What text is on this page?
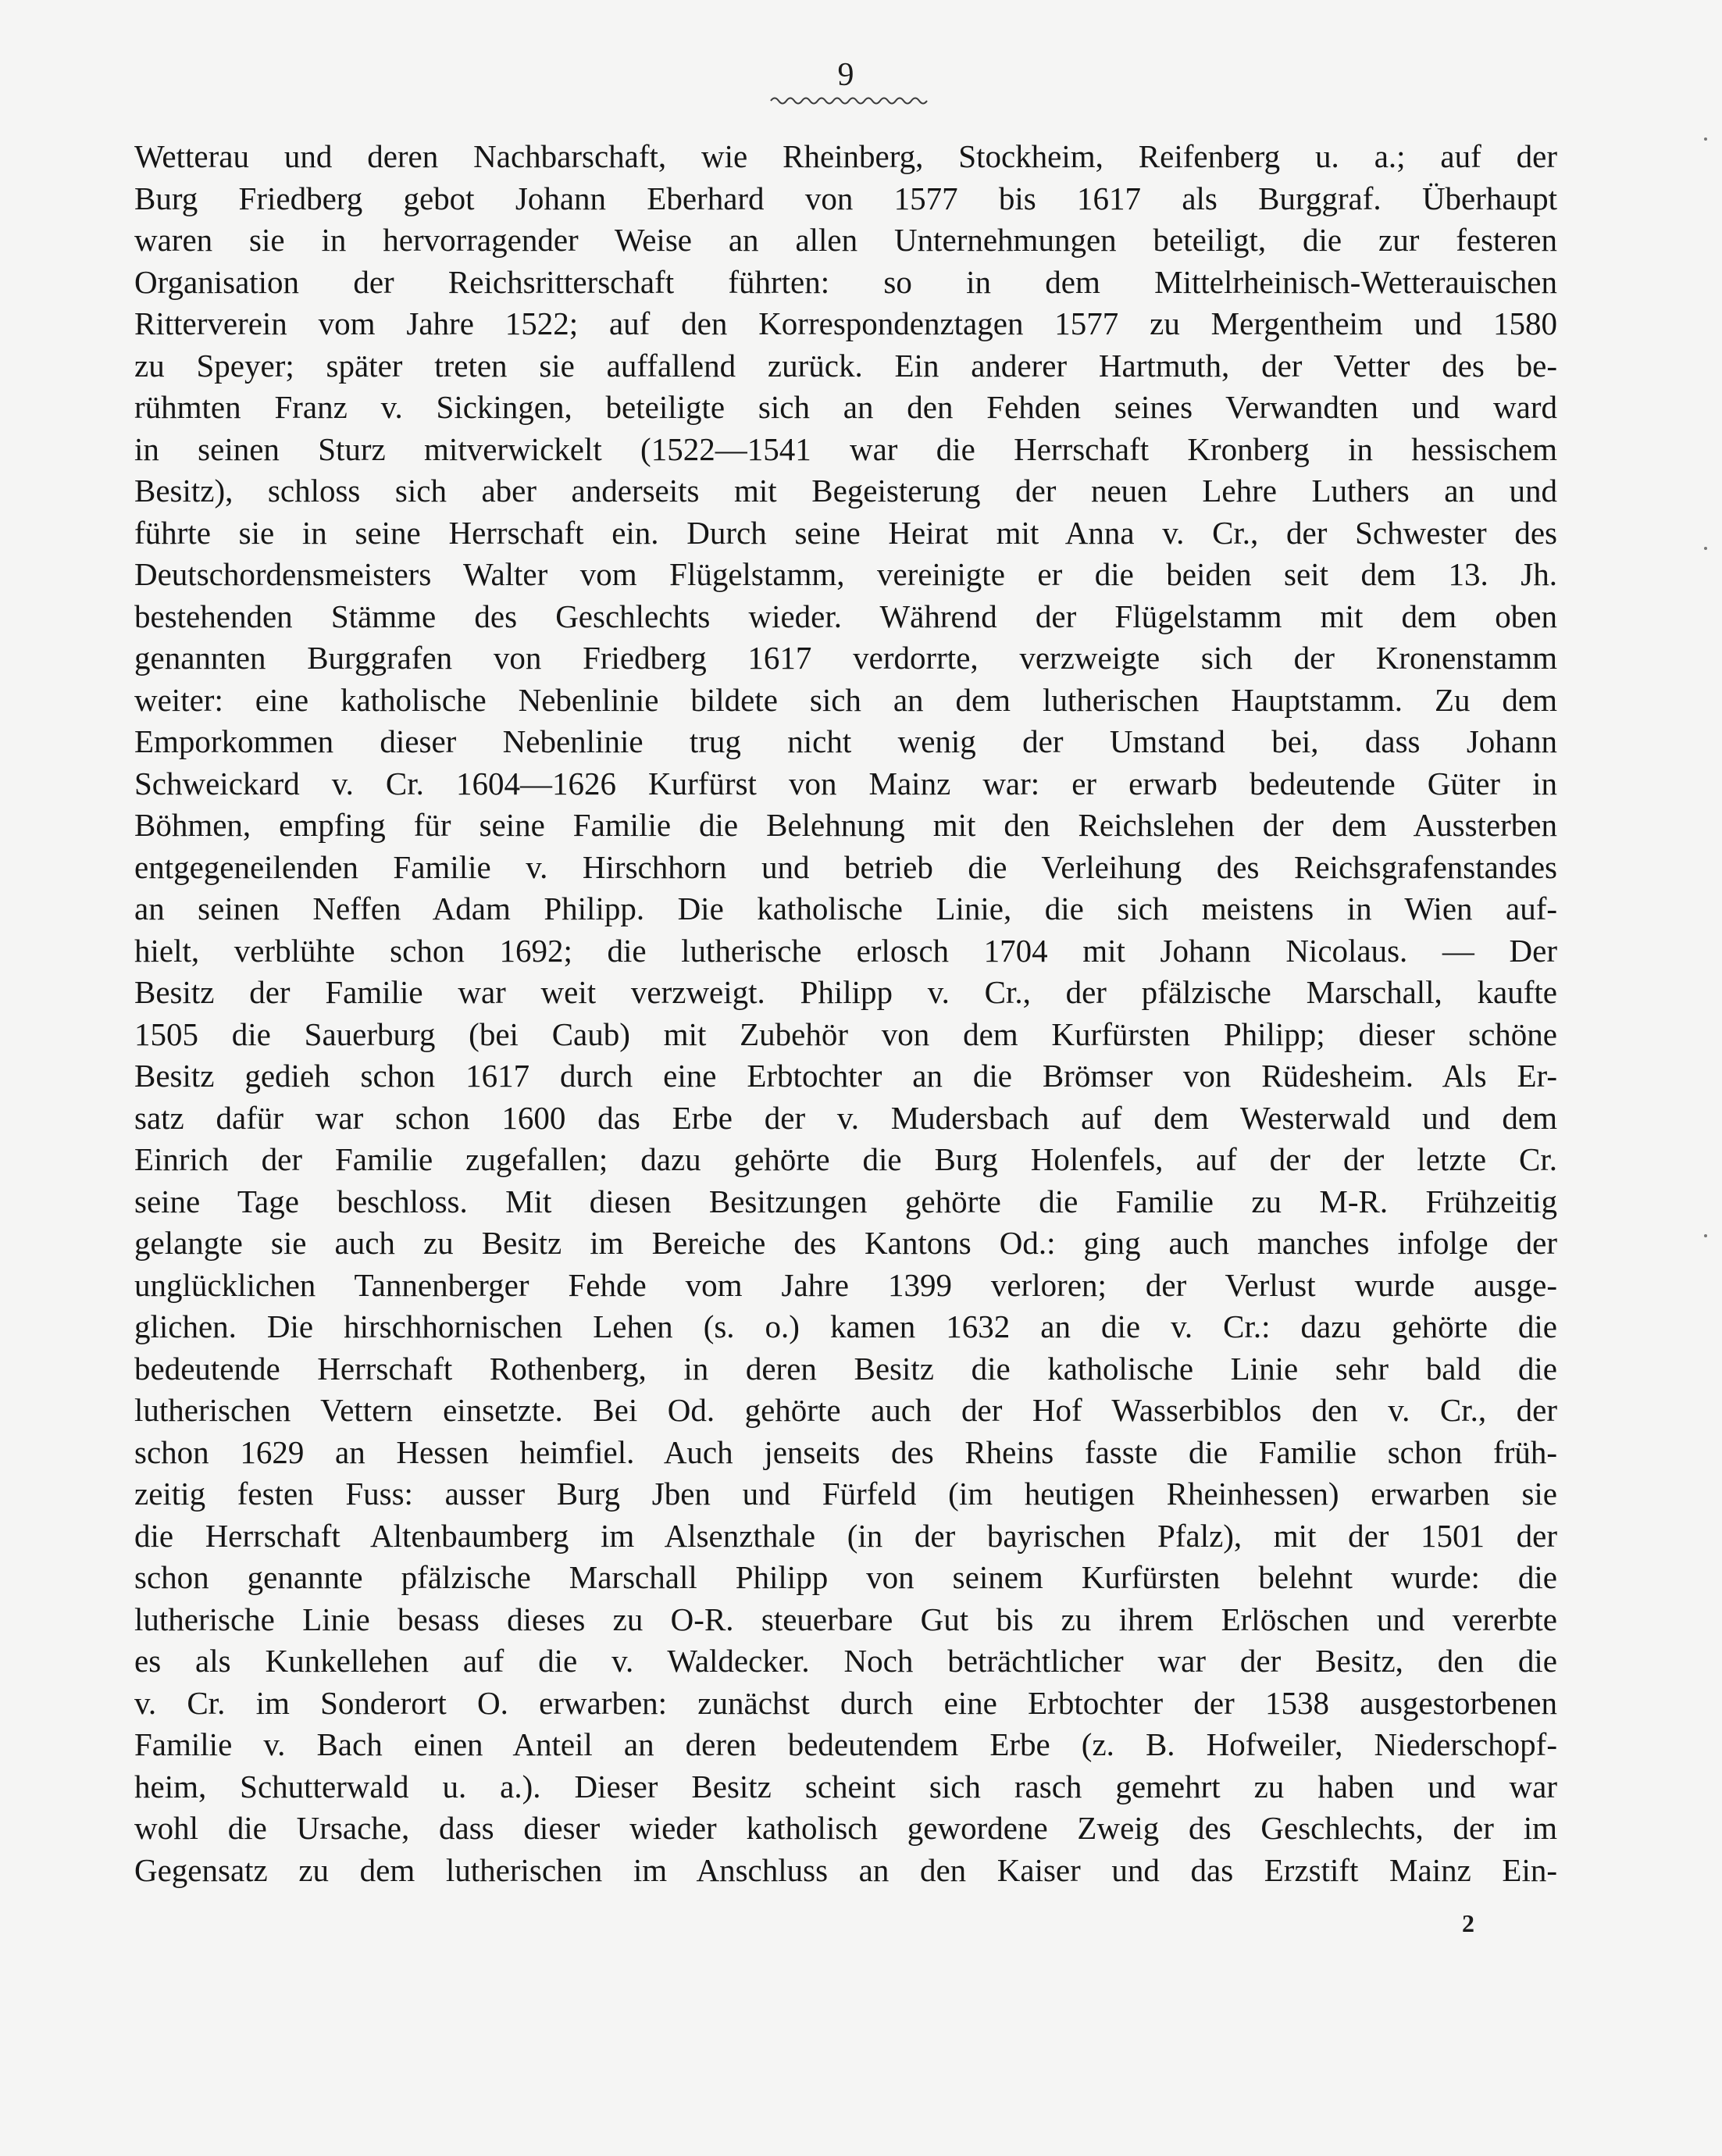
9
Wetterau und deren Nachbarschaft, wie Rheinberg, Stockheim, Reifenberg u. a.; auf der
Burg Friedberg gebot Johann Eberhard von 1577 bis 1617 als Burggraf. Überhaupt
waren sie in hervorragender Weise an allen Unternehmungen beteiligt, die zur festeren
Organisation der Reichsritterschaft führten: so in dem Mittelrheinisch-Wetterauischen
Ritterverein vom Jahre 1522; auf den Korrespondenztagen 1577 zu Mergentheim und 1580
zu Speyer; später treten sie auffallend zurück. Ein anderer Hartmuth, der Vetter des be-
rühmten Franz v. Sickingen, beteiligte sich an den Fehden seines Verwandten und ward
in seinen Sturz mitverwickelt (1522—1541 war die Herrschaft Kronberg in hessischem
Besitz), schloss sich aber anderseits mit Begeisterung der neuen Lehre Luthers an und
führte sie in seine Herrschaft ein. Durch seine Heirat mit Anna v. Cr., der Schwester des
Deutschordensmeisters Walter vom Flügelstamm, vereinigte er die beiden seit dem 13. Jh.
bestehenden Stämme des Geschlechts wieder. Während der Flügelstamm mit dem oben
genannten Burggrafen von Friedberg 1617 verdorrte, verzweigte sich der Kronenstamm
weiter: eine katholische Nebenlinie bildete sich an dem lutherischen Hauptstamm. Zu dem
Emporkommen dieser Nebenlinie trug nicht wenig der Umstand bei, dass Johann
Schweickard v. Cr. 1604—1626 Kurfürst von Mainz war: er erwarb bedeutende Güter in
Böhmen, empfing für seine Familie die Belehnung mit den Reichslehen der dem Aussterben
entgegeneilenden Familie v. Hirschhorn und betrieb die Verleihung des Reichsgrafenstandes
an seinen Neffen Adam Philipp. Die katholische Linie, die sich meistens in Wien auf-
hielt, verblühte schon 1692; die lutherische erlosch 1704 mit Johann Nicolaus. — Der
Besitz der Familie war weit verzweigt. Philipp v. Cr., der pfälzische Marschall, kaufte
1505 die Sauerburg (bei Caub) mit Zubehör von dem Kurfürsten Philipp; dieser schöne
Besitz gedieh schon 1617 durch eine Erbtochter an die Brömser von Rüdesheim. Als Er-
satz dafür war schon 1600 das Erbe der v. Mudersbach auf dem Westerwald und dem
Einrich der Familie zugefallen; dazu gehörte die Burg Holenfels, auf der der letzte Cr.
seine Tage beschloss. Mit diesen Besitzungen gehörte die Familie zu M-R. Frühzeitig
gelangte sie auch zu Besitz im Bereiche des Kantons Od.: ging auch manches infolge der
unglücklichen Tannenberger Fehde vom Jahre 1399 verloren; der Verlust wurde ausge-
glichen. Die hirschhornischen Lehen (s. o.) kamen 1632 an die v. Cr.: dazu gehörte die
bedeutende Herrschaft Rothenberg, in deren Besitz die katholische Linie sehr bald die
lutherischen Vettern einsetzte. Bei Od. gehörte auch der Hof Wasserbiblos den v. Cr., der
schon 1629 an Hessen heimfiel. Auch jenseits des Rheins fasste die Familie schon früh-
zeitig festen Fuss: ausser Burg Jben und Fürfeld (im heutigen Rheinhessen) erwarben sie
die Herrschaft Altenbaumberg im Alsenzthale (in der bayrischen Pfalz), mit der 1501 der
schon genannte pfälzische Marschall Philipp von seinem Kurfürsten belehnt wurde: die
lutherische Linie besass dieses zu O-R. steuerbare Gut bis zu ihrem Erlöschen und vererbte
es als Kunkellehen auf die v. Waldecker. Noch beträchtlicher war der Besitz, den die
v. Cr. im Sonderort O. erwarben: zunächst durch eine Erbtochter der 1538 ausgestorbenen
Familie v. Bach einen Anteil an deren bedeutendem Erbe (z. B. Hofweiler, Niederschopf-
heim, Schutterwald u. a.). Dieser Besitz scheint sich rasch gemehrt zu haben und war
wohl die Ursache, dass dieser wieder katholisch gewordene Zweig des Geschlechts, der im
Gegensatz zu dem lutherischen im Anschluss an den Kaiser und das Erzstift Mainz Ein-
2
